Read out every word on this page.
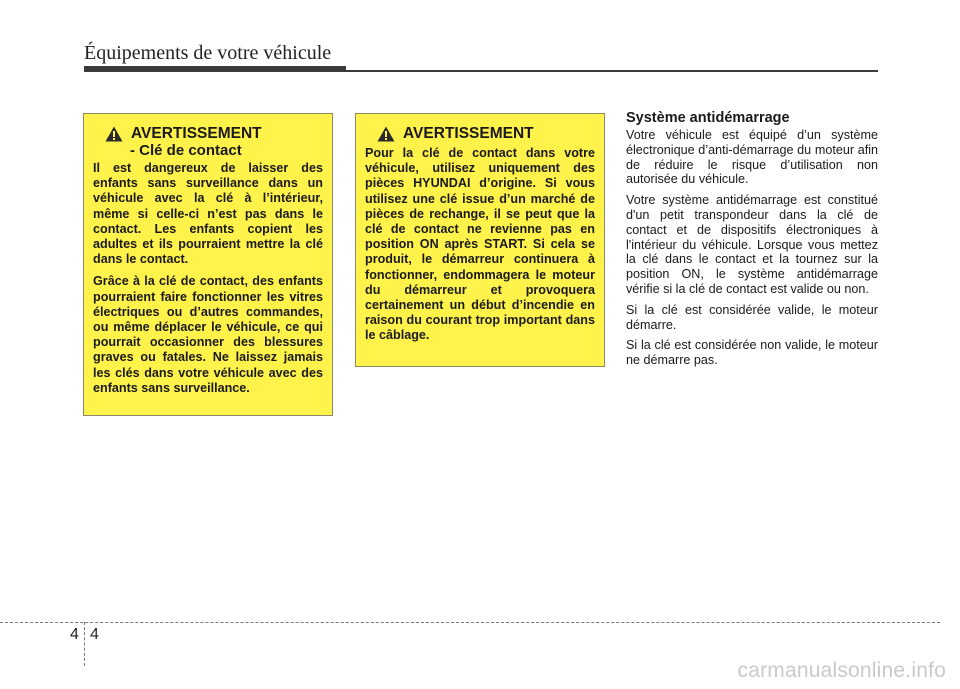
Équipements de votre véhicule
AVERTISSEMENT
- Clé de contact

Il est dangereux de laisser des enfants sans surveillance dans un véhicule avec la clé à l’intérieur, même si celle-ci n’est pas dans le contact. Les enfants copient les adultes et ils pourraient mettre la clé dans le contact.

Grâce à la clé de contact, des enfants pourraient faire fonctionner les vitres électriques ou d’autres commandes, ou même déplacer le véhicule, ce qui pourrait occasionner des blessures graves ou fatales. Ne laissez jamais les clés dans votre véhicule avec des enfants sans surveillance.

AVERTISSEMENT

Pour la clé de contact dans votre véhicule, utilisez uniquement des pièces HYUNDAI d’origine. Si vous utilisez une clé issue d’un marché de pièces de rechange, il se peut que la clé de contact ne revienne pas en position ON après START. Si cela se produit, le démarreur continuera à fonctionner, endommagera le moteur du démarreur et provoquera certainement un début d’incendie en raison du courant trop important dans le câblage.

Système antidémarrage

Votre véhicule est équipé d’un système électronique d’anti-démarrage du moteur afin de réduire le risque d’utilisation non autorisée du véhicule.

Votre système antidémarrage est constitué d'un petit transpondeur dans la clé de contact et de dispositifs électroniques à l'intérieur du véhicule. Lorsque vous mettez la clé dans le contact et la tournez sur la position ON, le système antidémarrage vérifie si la clé de contact est valide ou non.

Si la clé est considérée valide, le moteur démarre.

Si la clé est considérée non valide, le moteur ne démarre pas.

4 4
carmanualsonline.info
